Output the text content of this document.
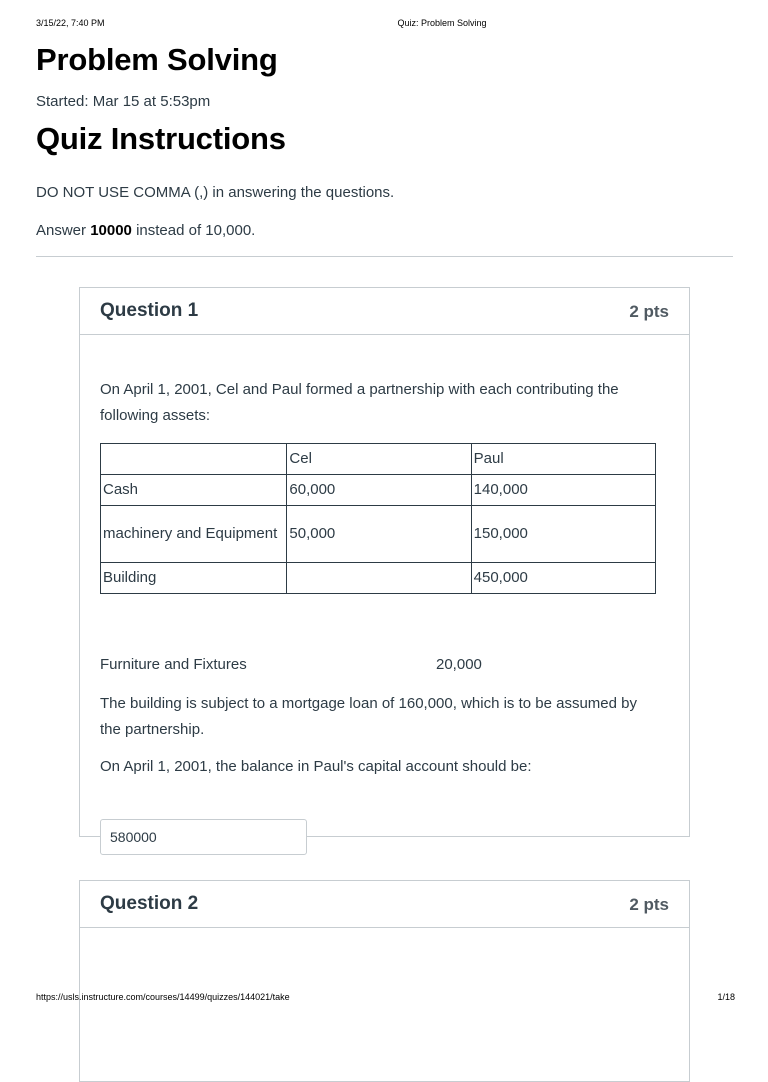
3/15/22, 7:40 PM	Quiz: Problem Solving
Problem Solving
Started: Mar 15 at 5:53pm
Quiz Instructions
DO NOT USE COMMA (,) in answering the questions.
Answer 10000 instead of 10,000.
Question 1	2 pts
On April 1, 2001, Cel and Paul formed a partnership with each contributing the following assets:
	Cel	Paul
Cash	60,000	140,000
machinery and Equipment	50,000	150,000
Building		450,000
Furniture and Fixtures	20,000
The building is subject to a mortgage loan of 160,000, which is to be assumed by the partnership.
On April 1, 2001, the balance in Paul's capital account should be:
580000
Question 2	2 pts
https://usls.instructure.com/courses/14499/quizzes/144021/take	1/18
